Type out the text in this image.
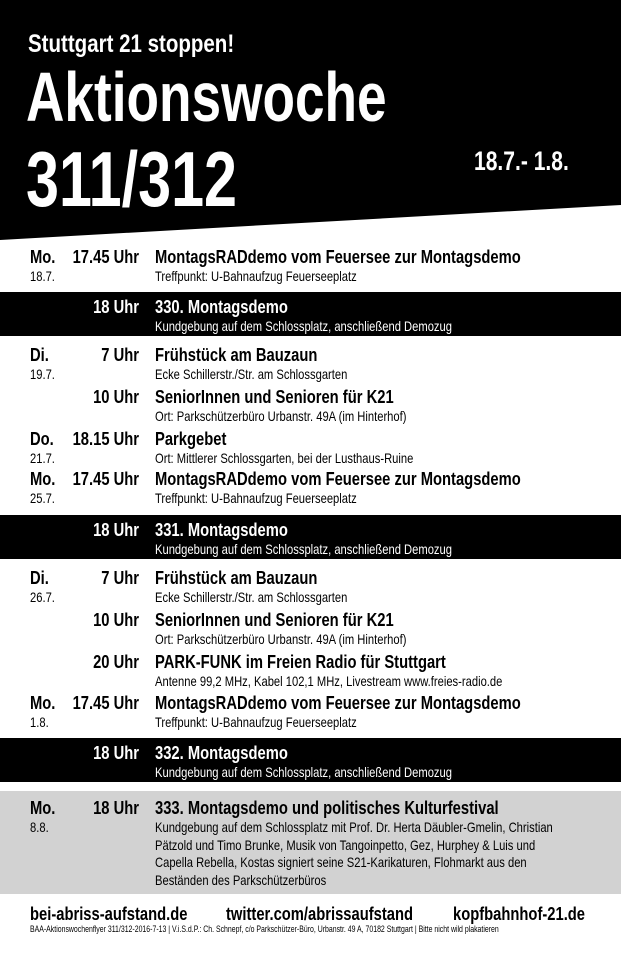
Stuttgart 21 stoppen!
Aktionswoche
311/312	18.7.- 1.8.
Mo. 17.45 Uhr MontagsRADdemo vom Feuersee zur Montagsdemo
18.7.	Treffpunkt: U-Bahnaufzug Feuerseeplatz
18 Uhr 330. Montagsdemo
Kundgebung auf dem Schlossplatz, anschließend Demozug
Di.	7 Uhr Frühstück am Bauzaun
19.7.	Ecke Schillerstr./Str. am Schlossgarten
10 Uhr SeniorInnen und Senioren für K21
Ort: Parkschützerbüro Urbanstr. 49A (im Hinterhof)
Do. 18.15 Uhr Parkgebet
21.7.	Ort: Mittlerer Schlossgarten, bei der Lusthaus-Ruine
Mo. 17.45 Uhr MontagsRADdemo vom Feuersee zur Montagsdemo
25.7.	Treffpunkt: U-Bahnaufzug Feuerseeplatz
18 Uhr 331. Montagsdemo
Kundgebung auf dem Schlossplatz, anschließend Demozug
Di.	7 Uhr Frühstück am Bauzaun
26.7.	Ecke Schillerstr./Str. am Schlossgarten
10 Uhr SeniorInnen und Senioren für K21
Ort: Parkschützerbüro Urbanstr. 49A (im Hinterhof)
20 Uhr PARK-FUNK im Freien Radio für Stuttgart
Antenne 99,2 MHz, Kabel 102,1 MHz, Livestream www.freies-radio.de
Mo. 17.45 Uhr MontagsRADdemo vom Feuersee zur Montagsdemo
1.8.	Treffpunkt: U-Bahnaufzug Feuerseeplatz
18 Uhr 332. Montagsdemo
Kundgebung auf dem Schlossplatz, anschließend Demozug
Mo. 18 Uhr 333. Montagsdemo und politisches Kulturfestival
8.8.	Kundgebung auf dem Schlossplatz mit Prof. Dr. Herta Däubler-Gmelin, Christian Pätzold und Timo Brunke, Musik von Tangoinpetto, Gez, Hurphey & Luis und Capella Rebella, Kostas signiert seine S21-Karikaturen, Flohmarkt aus den Beständen des Parkschützerbüros
bei-abriss-aufstand.de twitter.com/abrissaufstand kopfbahnhof-21.de
BAA-Aktionswochenflyer 311/312-2016-7-13 | V.i.S.d.P.: Ch. Schnepf, c/o Parkschützer-Büro, Urbanstr. 49 A, 70182 Stuttgart | Bitte nicht wild plakatieren
